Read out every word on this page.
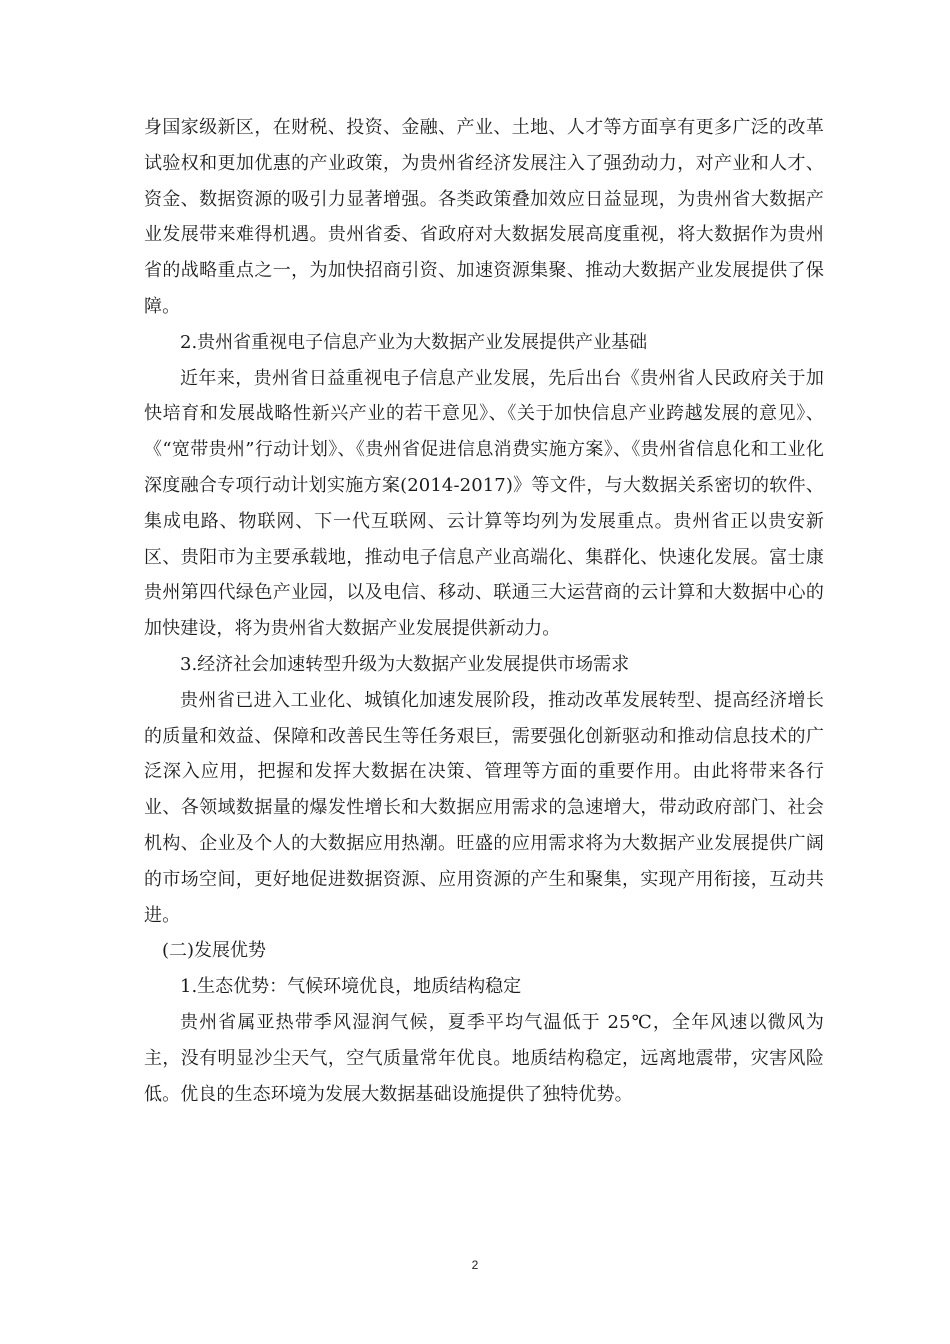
身国家级新区，在财税、投资、金融、产业、土地、人才等方面享有更多广泛的改革试验权和更加优惠的产业政策，为贵州省经济发展注入了强劲动力，对产业和人才、资金、数据资源的吸引力显著增强。各类政策叠加效应日益显现，为贵州省大数据产业发展带来难得机遇。贵州省委、省政府对大数据发展高度重视，将大数据作为贵州省的战略重点之一，为加快招商引资、加速资源集聚、推动大数据产业发展提供了保障。

2.贵州省重视电子信息产业为大数据产业发展提供产业基础

近年来，贵州省日益重视电子信息产业发展，先后出台《贵州省人民政府关于加快培育和发展战略性新兴产业的若干意见》、《关于加快信息产业跨越发展的意见》、《“宽带贵州”行动计划》、《贵州省促进信息消费实施方案》、《贵州省信息化和工业化深度融合专项行动计划实施方案(2014-2017)》等文件，与大数据关系密切的软件、集成电路、物联网、下一代互联网、云计算等均列为发展重点。贵州省正以贵安新区、贵阳市为主要承载地，推动电子信息产业高端化、集群化、快速化发展。富士康贵州第四代绿色产业园，以及电信、移动、联通三大运营商的云计算和大数据中心的加快建设，将为贵州省大数据产业发展提供新动力。

3.经济社会加速转型升级为大数据产业发展提供市场需求

贵州省已进入工业化、城镇化加速发展阶段，推动改革发展转型、提高经济增长的质量和效益、保障和改善民生等任务艰巨，需要强化创新驱动和推动信息技术的广泛深入应用，把握和发挥大数据在决策、管理等方面的重要作用。由此将带来各行业、各领域数据量的爆发性增长和大数据应用需求的急速增大，带动政府部门、社会机构、企业及个人的大数据应用热潮。旺盛的应用需求将为大数据产业发展提供广阔的市场空间，更好地促进数据资源、应用资源的产生和聚集，实现产用衔接，互动共进。

(二)发展优势

1.生态优势：气候环境优良，地质结构稳定

贵州省属亚热带季风湿润气候，夏季平均气温低于 25℃，全年风速以微风为主，没有明显沙尘天气，空气质量常年优良。地质结构稳定，远离地震带，灾害风险低。优良的生态环境为发展大数据基础设施提供了独特优势。

2
